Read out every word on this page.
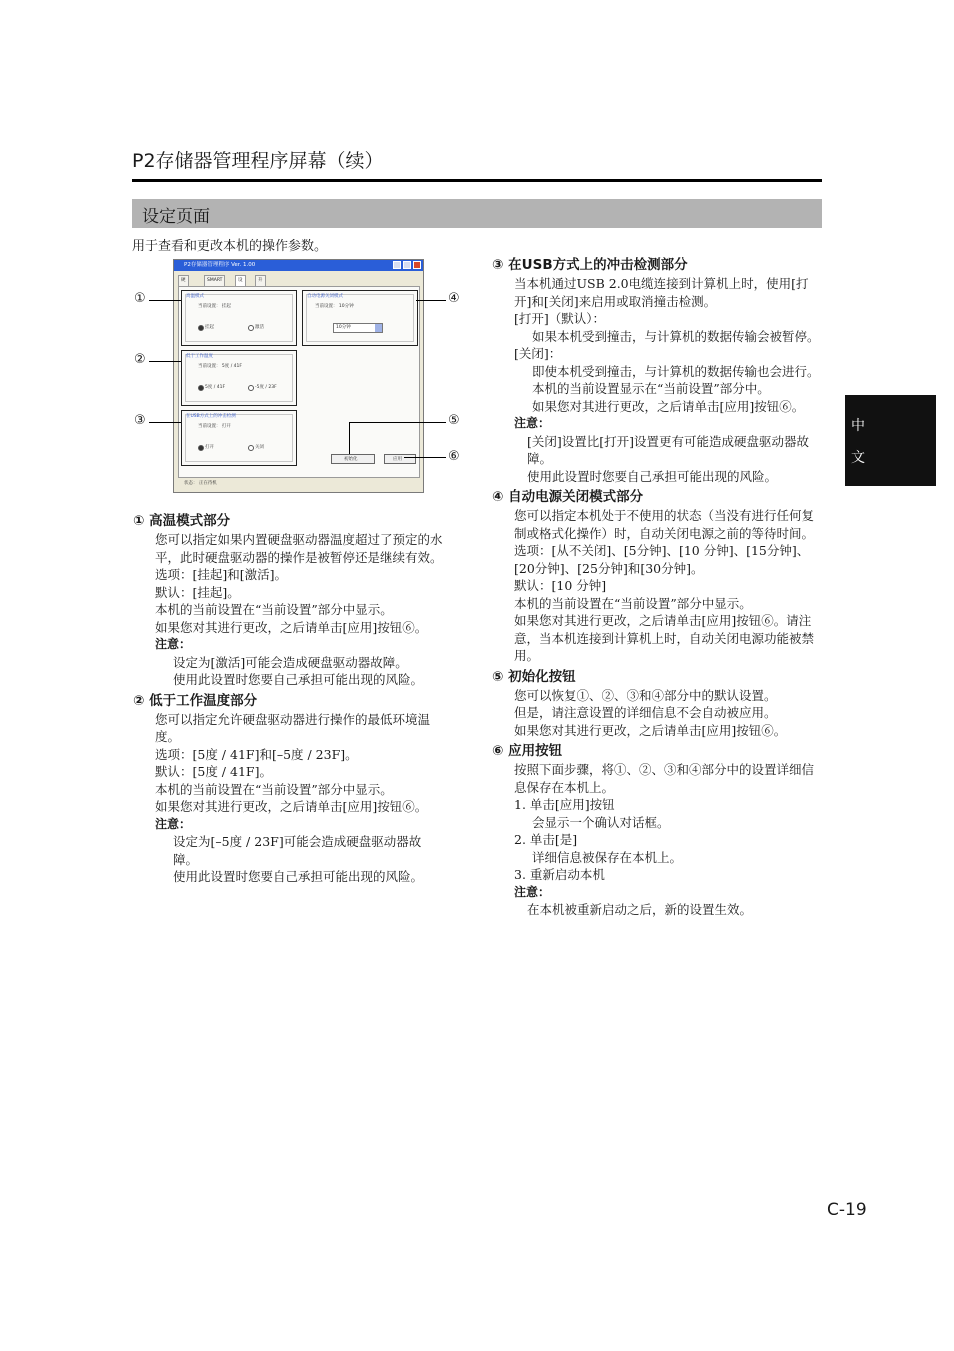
P2存储器管理程序屏幕（续）
设定页面
用于查看和更改本机的操作参数。
中
文
P2存储器管理程序 Ver. 1.00
硬	SMART	设	升
高温模式
当前设置： 挂起
挂起	激活
自动电源关闭模式
当前设置： 10分钟
10分钟
低于工作温度
当前设置： 5度 / 41F
5度 / 41F	-5度 / 23F
在USB方式上的冲击检测
当前设置： 打开
打开	关闭
初始化	应用
状态： 正在待机
①
②
③
④
⑤
⑥

① 高温模式部分

您可以指定如果内置硬盘驱动器温度超过了预定的水平，此时硬盘驱动器的操作是被暂停还是继续有效。

选项：[挂起]和[激活]。

默认：[挂起]。

本机的当前设置在“当前设置”部分中显示。

如果您对其进行更改，之后请单击[应用]按钮⑥。

注意：

设定为[激活]可能会造成硬盘驱动器故障。

使用此设置时您要自己承担可能出现的风险。

② 低于工作温度部分

您可以指定允许硬盘驱动器进行操作的最低环境温度。

选项：[5度 / 41F]和[–5度 / 23F]。

默认：[5度 / 41F]。

本机的当前设置在“当前设置”部分中显示。

如果您对其进行更改，之后请单击[应用]按钮⑥。

注意：

设定为[–5度 / 23F]可能会造成硬盘驱动器故障。

使用此设置时您要自己承担可能出现的风险。

③ 在USB方式上的冲击检测部分

当本机通过USB 2.0电缆连接到计算机上时，使用[打开]和[关闭]来启用或取消撞击检测。

[打开]（默认）：

如果本机受到撞击，与计算机的数据传输会被暂停。

[关闭]：

即使本机受到撞击，与计算机的数据传输也会进行。

本机的当前设置显示在“当前设置”部分中。

如果您对其进行更改，之后请单击[应用]按钮⑥。

注意：

[关闭]设置比[打开]设置更有可能造成硬盘驱动器故障。

使用此设置时您要自己承担可能出现的风险。

④ 自动电源关闭模式部分

您可以指定本机处于不使用的状态（当没有进行任何复制或格式化操作）时，自动关闭电源之前的等待时间。

选项：[从不关闭]、[5分钟]、[10 分钟]、[15分钟]、[20分钟]、[25分钟]和[30分钟]。

默认：[10 分钟]

本机的当前设置在“当前设置”部分中显示。

如果您对其进行更改，之后请单击[应用]按钮⑥。请注意，当本机连接到计算机上时，自动关闭电源功能被禁用。

⑤ 初始化按钮

您可以恢复①、②、③和④部分中的默认设置。

但是，请注意设置的详细信息不会自动被应用。

如果您对其进行更改，之后请单击[应用]按钮⑥。

⑥ 应用按钮

按照下面步骤，将①、②、③和④部分中的设置详细信息保存在本机上。

1. 单击[应用]按钮

会显示一个确认对话框。

2. 单击[是]

详细信息被保存在本机上。

3. 重新启动本机

注意：

在本机被重新启动之后，新的设置生效。

C-19
